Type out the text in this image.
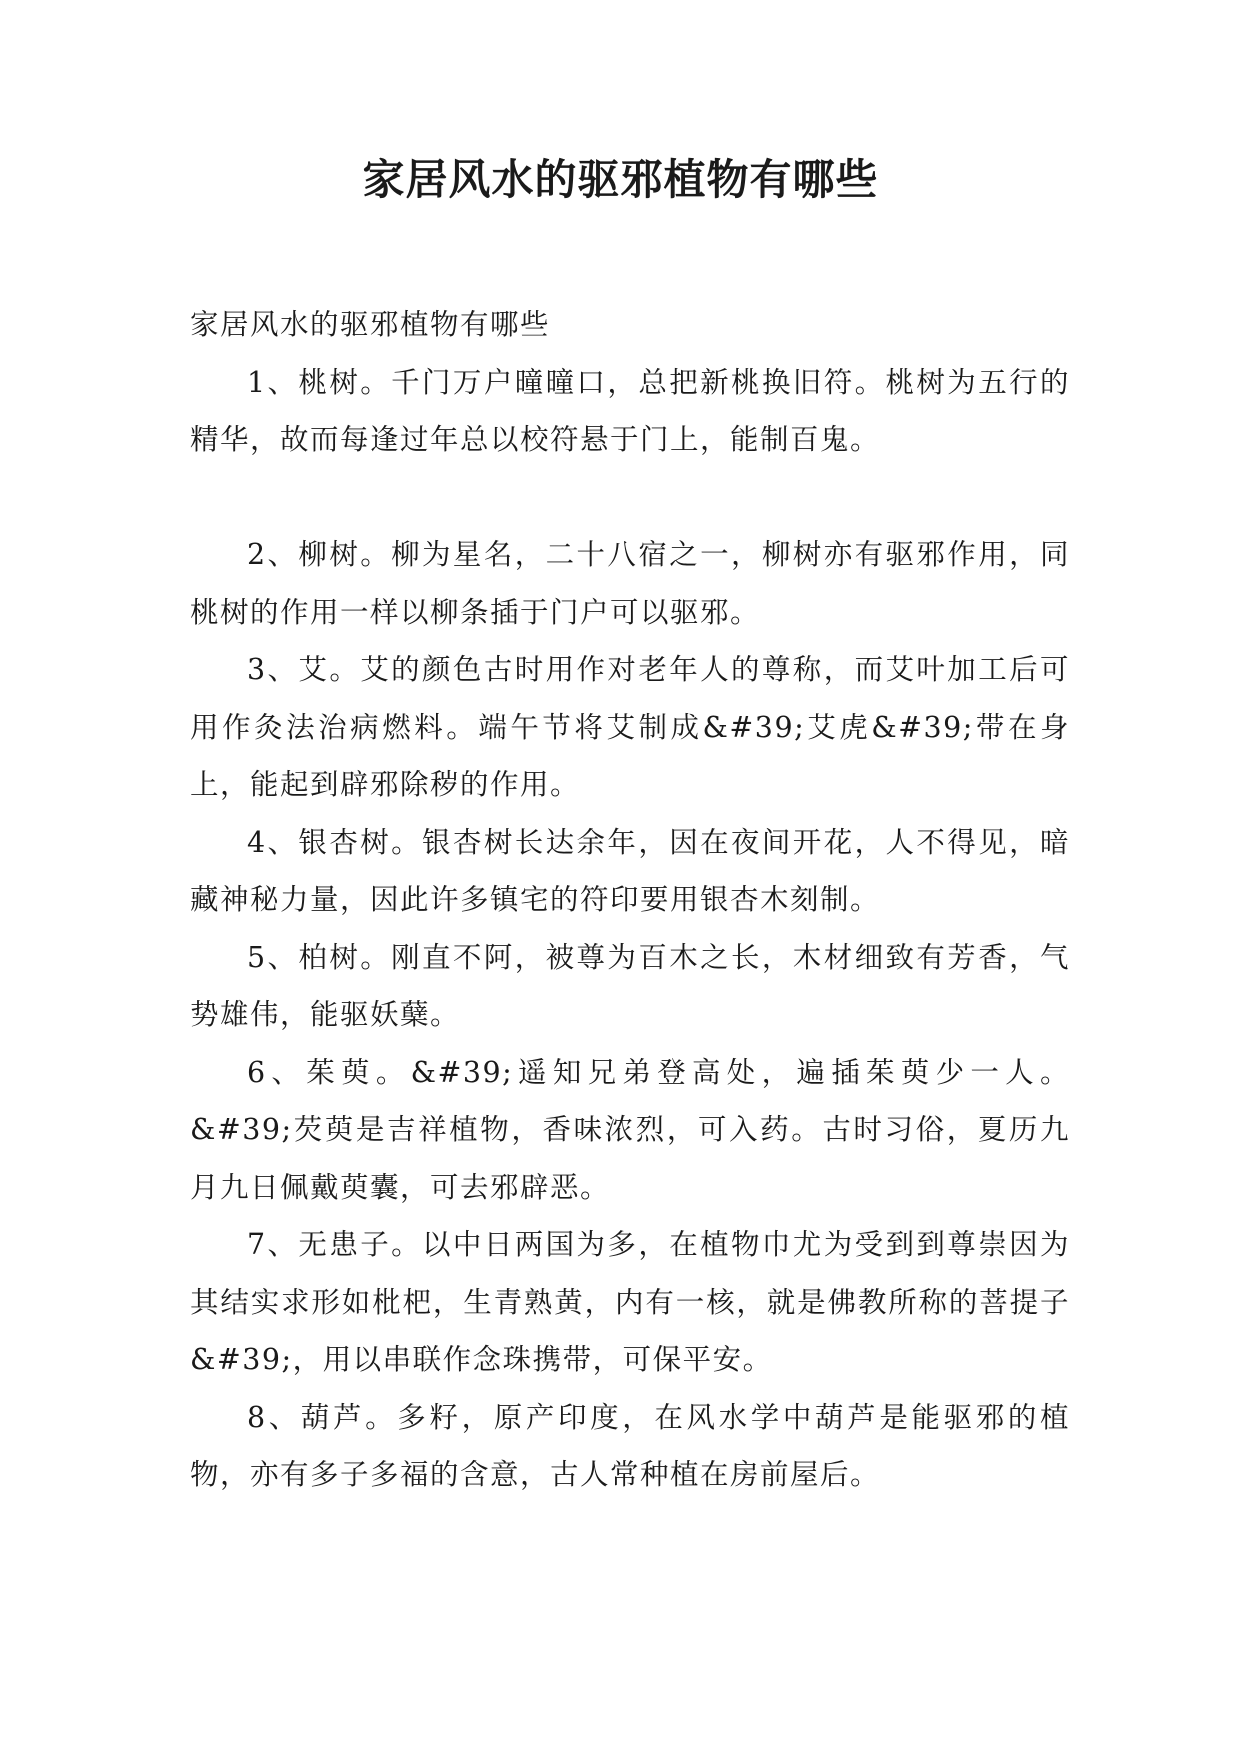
家居风水的驱邪植物有哪些

家居风水的驱邪植物有哪些

1、桃树。千门万户曈曈口，总把新桃换旧符。桃树为五行的精华，故而每逢过年总以校符悬于门上，能制百鬼。

2、柳树。柳为星名，二十八宿之一，柳树亦有驱邪作用，同桃树的作用一样以柳条插于门户可以驱邪。

3、艾。艾的颜色古时用作对老年人的尊称，而艾叶加工后可用作灸法治病燃料。端午节将艾制成&#39;艾虎&#39;带在身上，能起到辟邪除秽的作用。

4、银杏树。银杏树长达余年，因在夜间开花，人不得见，暗藏神秘力量，因此许多镇宅的符印要用银杏木刻制。

5、柏树。刚直不阿，被尊为百木之长，木材细致有芳香，气势雄伟，能驱妖蘖。

6、茱萸。&#39;遥知兄弟登高处，遍插茱萸少一人。&#39;芡萸是吉祥植物，香味浓烈，可入药。古时习俗，夏历九月九日佩戴萸囊，可去邪辟恶。

7、无患子。以中日两国为多，在植物巾尤为受到到尊崇因为其结实求形如枇杷，生青熟黄，内有一核，就是佛教所称的菩提子&#39;，用以串联作念珠携带，可保平安。

8、葫芦。多籽，原产印度，在风水学中葫芦是能驱邪的植物，亦有多子多福的含意，古人常种植在房前屋后。
